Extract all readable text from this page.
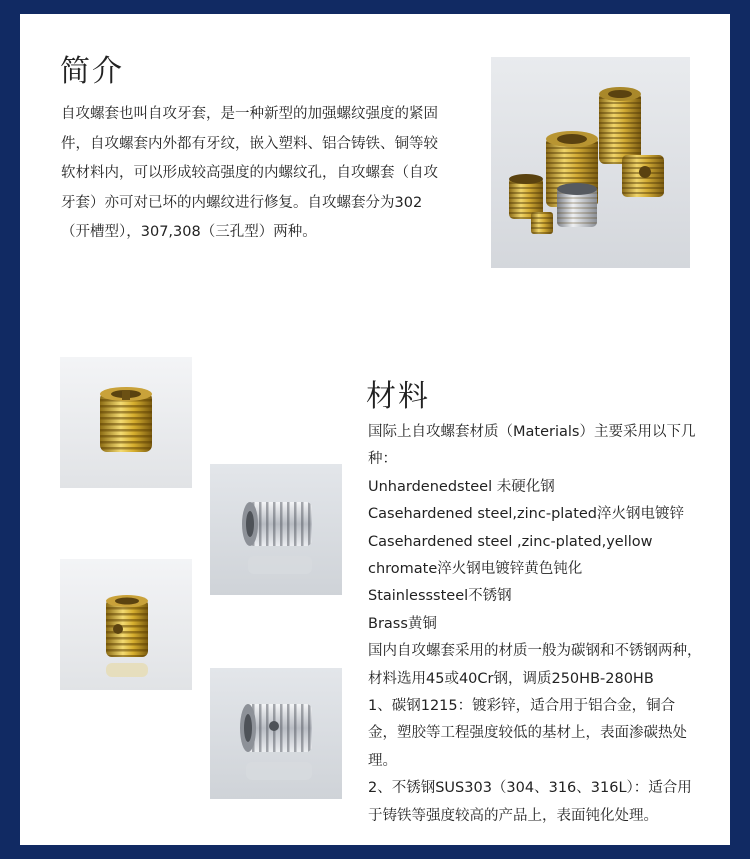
简介

自攻螺套也叫自攻牙套，是一种新型的加强螺纹强度的紧固件，自攻螺套内外都有牙纹，嵌入塑料、铝合铸铁、铜等较软材料内，可以形成较高强度的内螺纹孔，自攻螺套（自攻牙套）亦可对已坏的内螺纹进行修复。自攻螺套分为302（开槽型），307,308（三孔型）两种。

材料

国际上自攻螺套材质（Materials）主要采用以下几种：

Unhardenedsteel 未硬化钢

Casehardened steel,zinc-plated淬火钢电镀锌

Casehardened steel ,zinc-plated,yellow chromate淬火钢电镀锌黄色钝化

Stainlesssteel不锈钢

Brass黄铜

国内自攻螺套采用的材质一般为碳钢和不锈钢两种，材料选用45或40Cr钢，调质250HB-280HB

1、碳钢1215：镀彩锌，适合用于铝合金，铜合金，塑胶等工程强度较低的基材上，表面渗碳热处理。

2、不锈钢SUS303（304、316、316L）：适合用于铸铁等强度较高的产品上，表面钝化处理。
